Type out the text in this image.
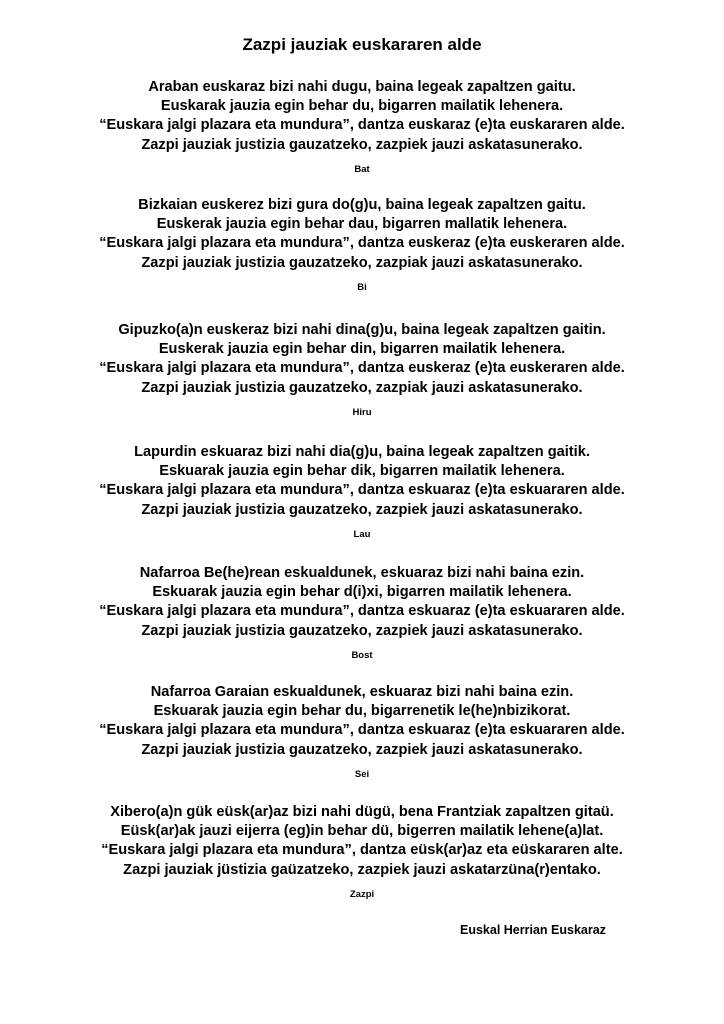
Zazpi jauziak euskararen alde
Araban euskaraz bizi nahi dugu, baina legeak zapaltzen gaitu.
Euskarak jauzia egin behar du, bigarren mailatik lehenera.
“Euskara jalgi plazara eta mundura”, dantza euskaraz (e)ta euskararen alde.
Zazpi jauziak justizia gauzatzeko, zazpiek jauzi askatasunerako.
Bat
Bizkaian euskerez bizi gura do(g)u, baina legeak zapaltzen gaitu.
Euskerak jauzia egin behar dau, bigarren mallatik lehenera.
“Euskara jalgi plazara eta mundura”, dantza euskeraz (e)ta euskeraren alde.
Zazpi jauziak justizia gauzatzeko, zazpiak jauzi askatasunerako.
Bi
Gipuzko(a)n euskeraz bizi nahi dina(g)u, baina legeak zapaltzen gaitin.
Euskerak jauzia egin behar din, bigarren mailatik lehenera.
“Euskara jalgi plazara eta mundura”, dantza euskeraz (e)ta euskeraren alde.
Zazpi jauziak justizia gauzatzeko, zazpiak jauzi askatasunerako.
Hiru
Lapurdin eskuaraz bizi nahi dia(g)u, baina legeak zapaltzen gaitik.
Eskuarak jauzia egin behar dik, bigarren mailatik lehenera.
“Euskara jalgi plazara eta mundura”, dantza eskuaraz (e)ta eskuararen alde.
Zazpi jauziak justizia gauzatzeko, zazpiek jauzi askatasunerako.
Lau
Nafarroa Be(he)rean eskualdunek, eskuaraz bizi nahi baina ezin.
Eskuarak jauzia egin behar d(i)xi, bigarren mailatik lehenera.
“Euskara jalgi plazara eta mundura”, dantza eskuaraz (e)ta eskuararen alde.
Zazpi jauziak justizia gauzatzeko, zazpiek jauzi askatasunerako.
Bost
Nafarroa Garaian eskualdunek, eskuaraz bizi nahi baina ezin.
Eskuarak jauzia egin behar du, bigarrenetik le(he)nbizikorat.
“Euskara jalgi plazara eta mundura”, dantza eskuaraz (e)ta eskuararen alde.
Zazpi jauziak justizia gauzatzeko, zazpiek jauzi askatasunerako.
Sei
Xibero(a)n gük eüsk(ar)az bizi nahi dügü, bena Frantziak zapaltzen gitaü.
Eüsk(ar)ak jauzi eijerra (eg)in behar dü, bigerren mailatik lehene(a)lat.
“Euskara jalgi plazara eta mundura”, dantza eüsk(ar)az eta eüskararen alte.
Zazpi jauziak jüstizia gaüzatzeko, zazpiek jauzi askatarzüna(r)entako.
Zazpi
Euskal Herrian Euskaraz
